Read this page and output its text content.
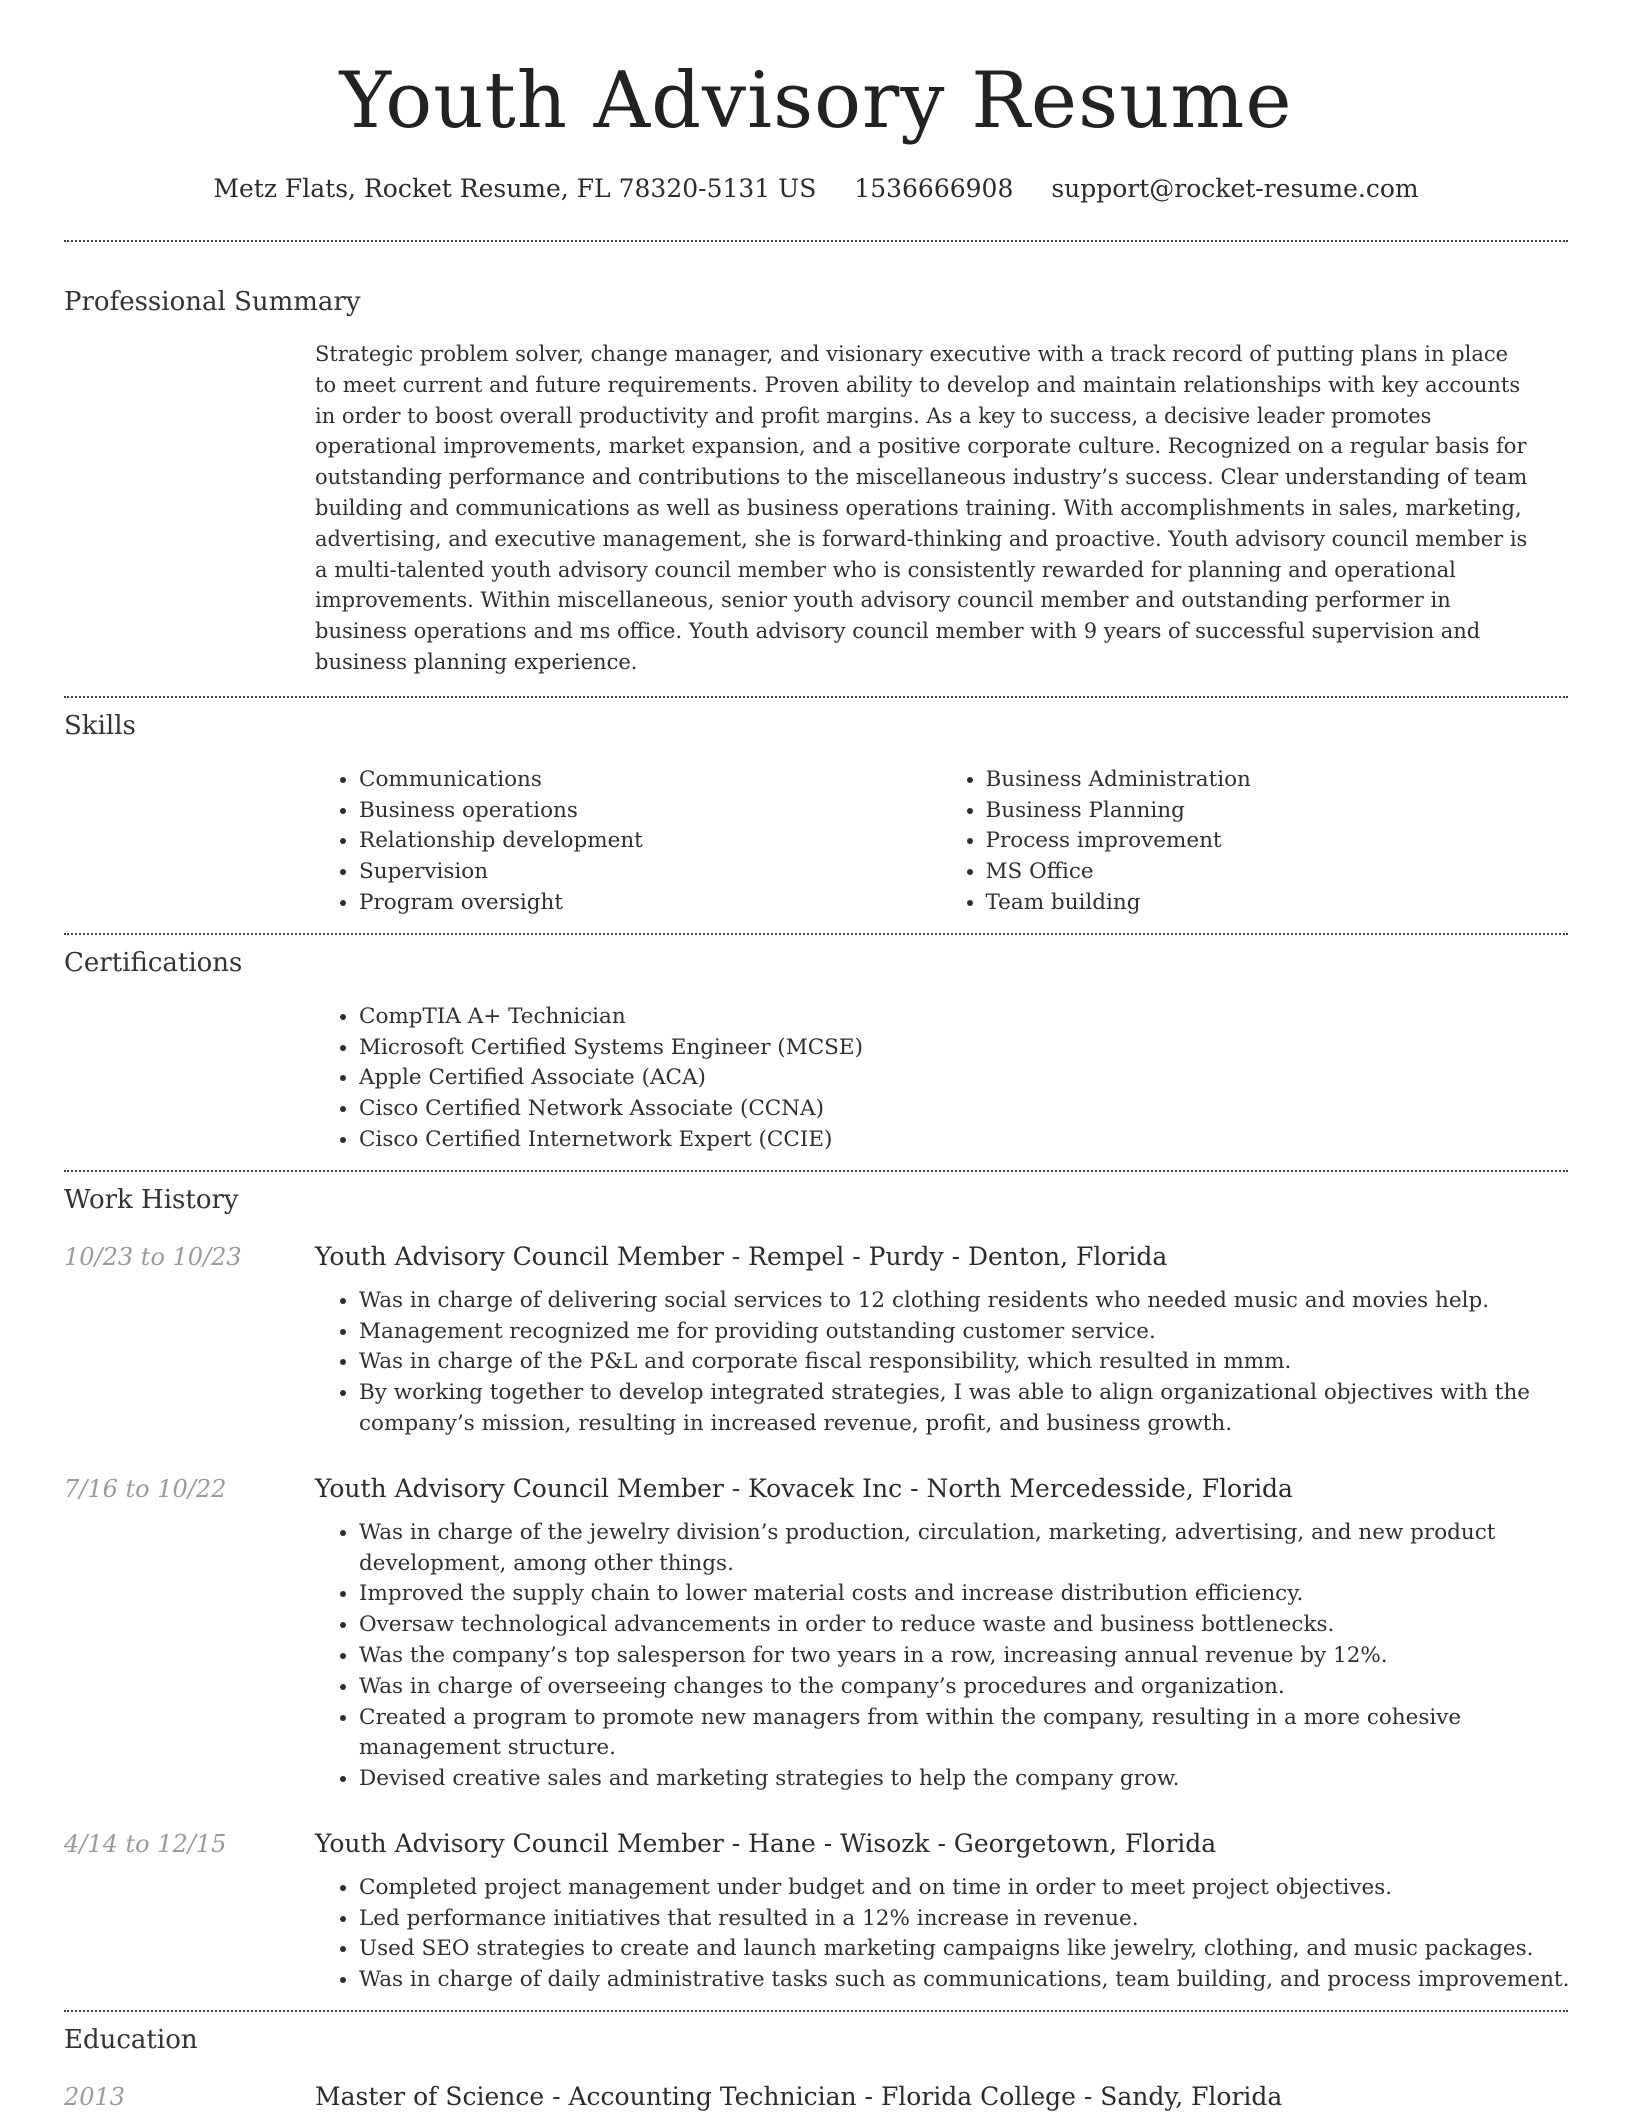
Youth Advisory Resume
Metz Flats, Rocket Resume, FL 78320-5131 US 1536666908 support@rocket-resume.com
Professional Summary
Strategic problem solver, change manager, and visionary executive with a track record of putting plans in place to meet current and future requirements. Proven ability to develop and maintain relationships with key accounts in order to boost overall productivity and profit margins. As a key to success, a decisive leader promotes operational improvements, market expansion, and a positive corporate culture. Recognized on a regular basis for outstanding performance and contributions to the miscellaneous industry’s success. Clear understanding of team building and communications as well as business operations training. With accomplishments in sales, marketing, advertising, and executive management, she is forward-thinking and proactive. Youth advisory council member is a multi-talented youth advisory council member who is consistently rewarded for planning and operational improvements. Within miscellaneous, senior youth advisory council member and outstanding performer in business operations and ms office. Youth advisory council member with 9 years of successful supervision and business planning experience.
Skills
• Communications
• Business operations
• Relationship development
• Supervision
• Program oversight
• Business Administration
• Business Planning
• Process improvement
• MS Office
• Team building
Certifications
• CompTIA A+ Technician
• Microsoft Certified Systems Engineer (MCSE)
• Apple Certified Associate (ACA)
• Cisco Certified Network Associate (CCNA)
• Cisco Certified Internetwork Expert (CCIE)
Work History
10/23 to 10/23	Youth Advisory Council Member - Rempel - Purdy - Denton, Florida
• Was in charge of delivering social services to 12 clothing residents who needed music and movies help.
• Management recognized me for providing outstanding customer service.
• Was in charge of the P&L and corporate fiscal responsibility, which resulted in mmm.
• By working together to develop integrated strategies, I was able to align organizational objectives with the company’s mission, resulting in increased revenue, profit, and business growth.
7/16 to 10/22	Youth Advisory Council Member - Kovacek Inc - North Mercedesside, Florida
• Was in charge of the jewelry division’s production, circulation, marketing, advertising, and new product development, among other things.
• Improved the supply chain to lower material costs and increase distribution efficiency.
• Oversaw technological advancements in order to reduce waste and business bottlenecks.
• Was the company’s top salesperson for two years in a row, increasing annual revenue by 12%.
• Was in charge of overseeing changes to the company’s procedures and organization.
• Created a program to promote new managers from within the company, resulting in a more cohesive management structure.
• Devised creative sales and marketing strategies to help the company grow.
4/14 to 12/15	Youth Advisory Council Member - Hane - Wisozk - Georgetown, Florida
• Completed project management under budget and on time in order to meet project objectives.
• Led performance initiatives that resulted in a 12% increase in revenue.
• Used SEO strategies to create and launch marketing campaigns like jewelry, clothing, and music packages.
• Was in charge of daily administrative tasks such as communications, team building, and process improvement.
Education
2013	Master of Science - Accounting Technician - Florida College - Sandy, Florida
